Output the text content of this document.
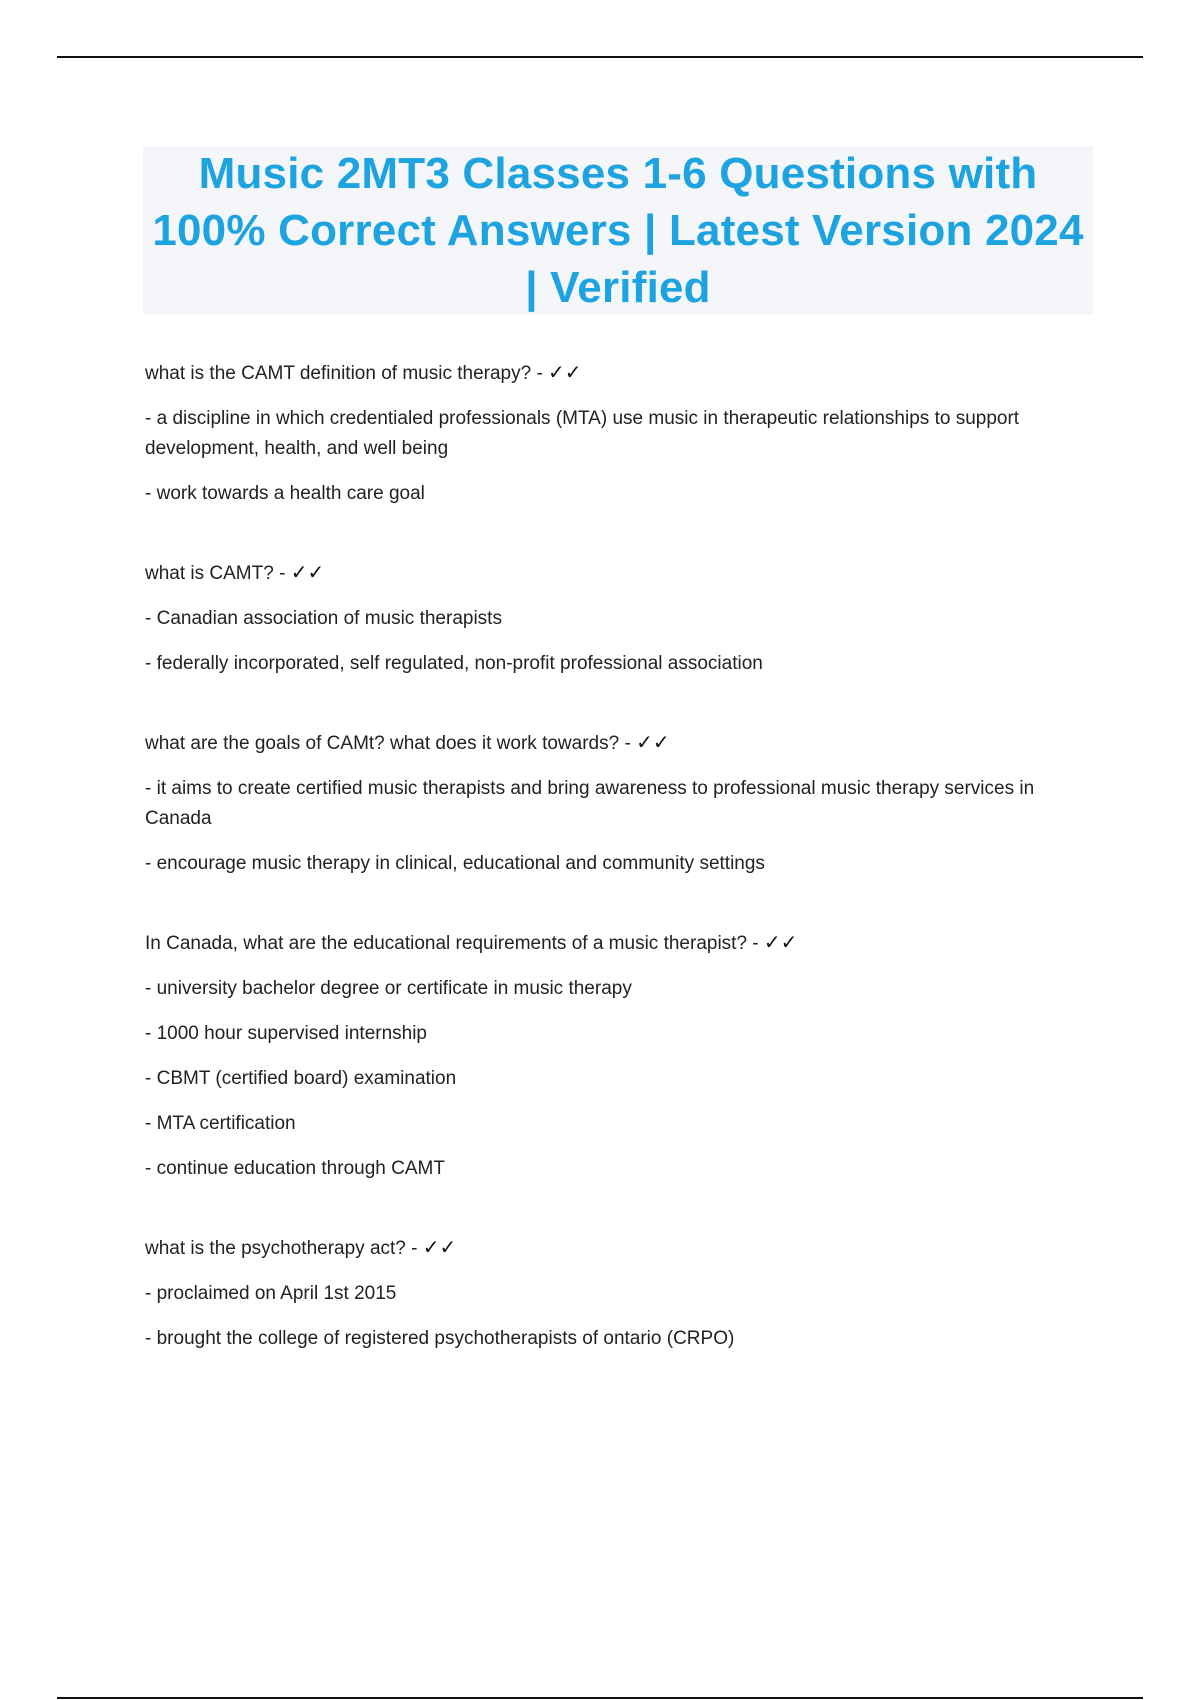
Music 2MT3 Classes 1-6 Questions with 100% Correct Answers | Latest Version 2024 | Verified

what is the CAMT definition of music therapy? - ✓✓

- a discipline in which credentialed professionals (MTA) use music in therapeutic relationships to support development, health, and well being

- work towards a health care goal

what is CAMT? - ✓✓

- Canadian association of music therapists

- federally incorporated, self regulated, non-profit professional association

what are the goals of CAMt? what does it work towards? - ✓✓

- it aims to create certified music therapists and bring awareness to professional music therapy services in Canada

- encourage music therapy in clinical, educational and community settings

In Canada, what are the educational requirements of a music therapist? - ✓✓

- university bachelor degree or certificate in music therapy

- 1000 hour supervised internship

- CBMT (certified board) examination

- MTA certification

- continue education through CAMT

what is the psychotherapy act? - ✓✓

- proclaimed on April 1st 2015

- brought the college of registered psychotherapists of ontario (CRPO)
